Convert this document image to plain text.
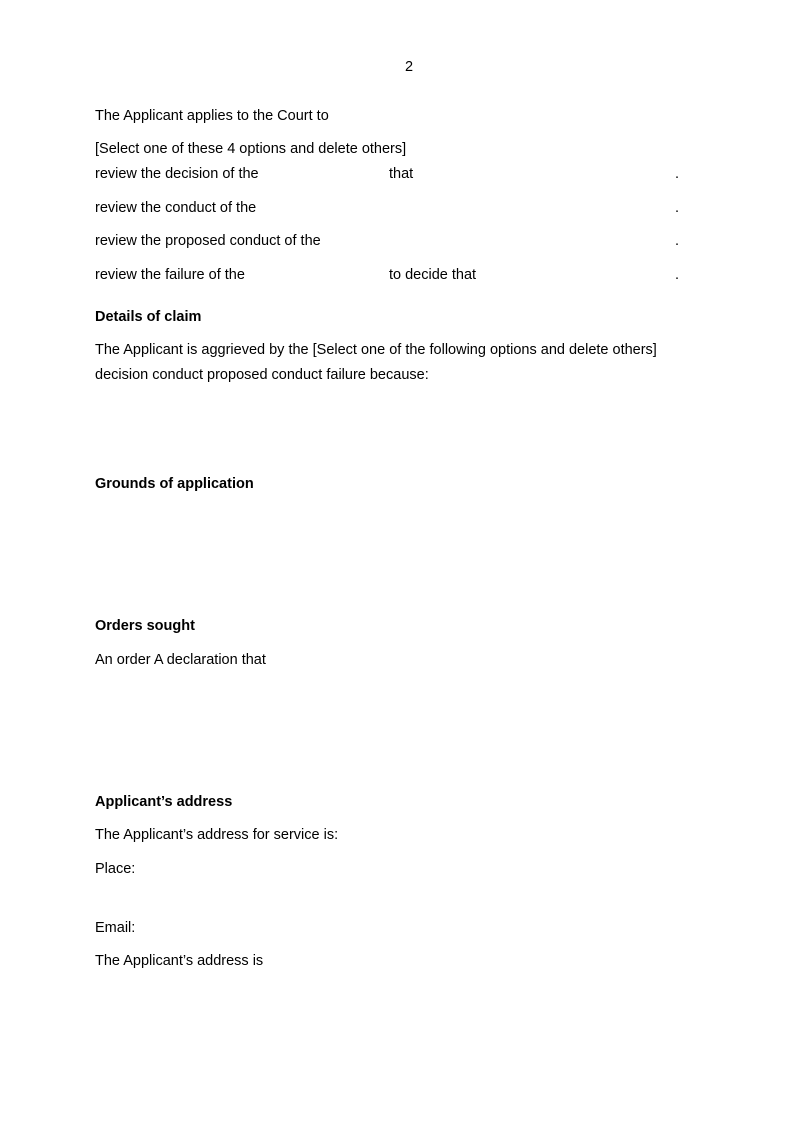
2
The Applicant applies to the Court to
[Select one of these 4 options and delete others]
review the decision of the	that	.
review the conduct of the	.
review the proposed conduct of the	.
review the failure of the	to decide that	.
Details of claim
The Applicant is aggrieved by the [Select one of the following options and delete others]
decision conduct proposed conduct failure because:
Grounds of application
Orders sought
An order A declaration that
Applicant’s address
The Applicant’s address for service is:
Place:
Email:
The Applicant’s address is
